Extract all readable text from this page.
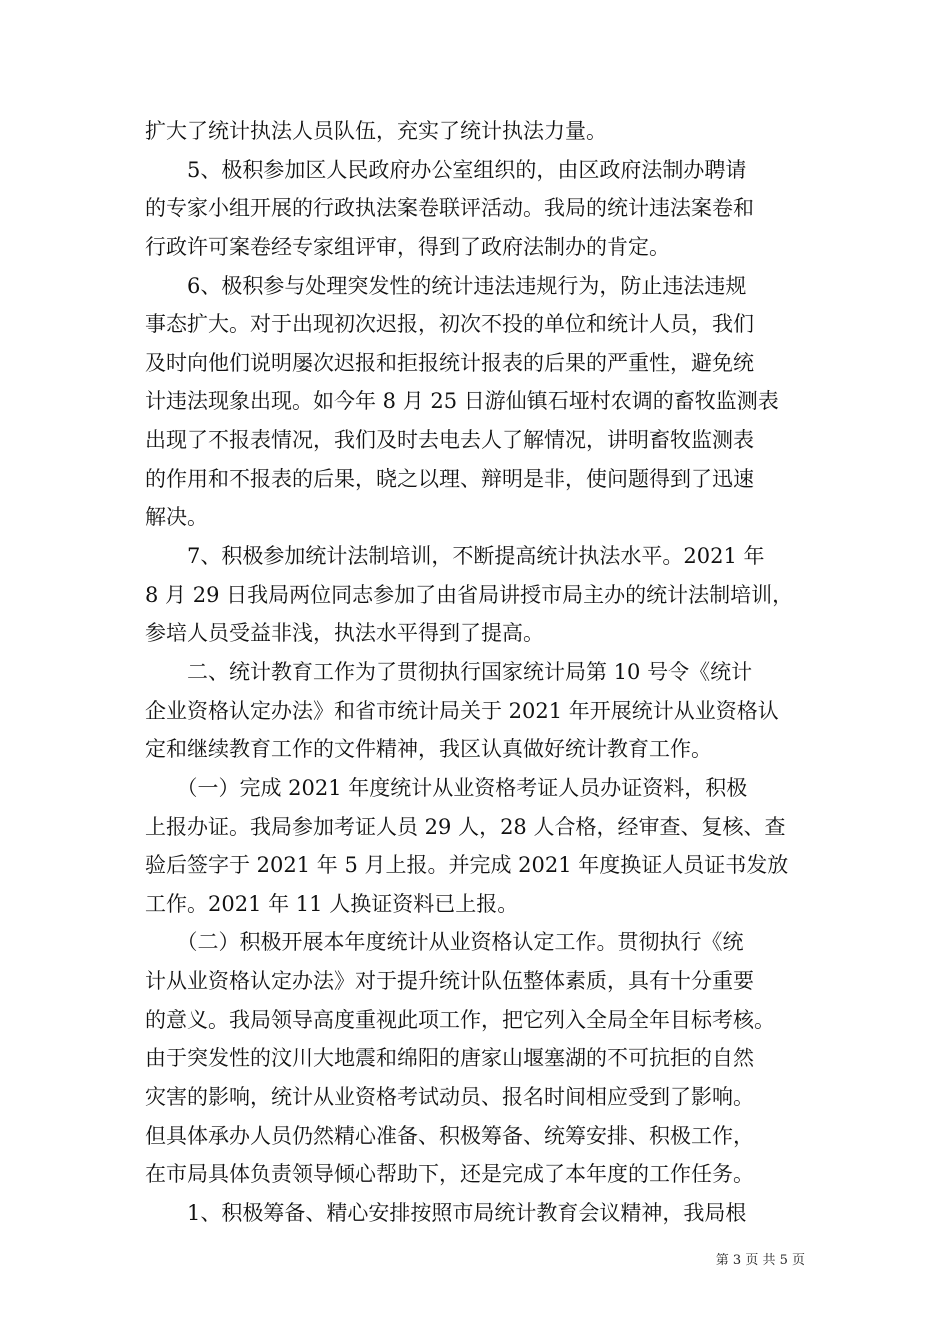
扩大了统计执法人员队伍，充实了统计执法力量。
　　5、极积参加区人民政府办公室组织的，由区政府法制办聘请
的专家小组开展的行政执法案卷联评活动。我局的统计违法案卷和
行政许可案卷经专家组评审，得到了政府法制办的肯定。
　　6、极积参与处理突发性的统计违法违规行为，防止违法违规
事态扩大。对于出现初次迟报，初次不投的单位和统计人员，我们
及时向他们说明屡次迟报和拒报统计报表的后果的严重性，避免统
计违法现象出现。如今年 8 月 25 日游仙镇石垭村农调的畜牧监测表
出现了不报表情况，我们及时去电去人了解情况，讲明畜牧监测表
的作用和不报表的后果，晓之以理、辩明是非，使问题得到了迅速
解决。
　　7、积极参加统计法制培训，不断提高统计执法水平。2021 年
8 月 29 日我局两位同志参加了由省局讲授市局主办的统计法制培训，
参培人员受益非浅，执法水平得到了提高。
　　二、统计教育工作为了贯彻执行国家统计局第 10 号令《统计
企业资格认定办法》和省市统计局关于 2021 年开展统计从业资格认
定和继续教育工作的文件精神，我区认真做好统计教育工作。
　　（一）完成 2021 年度统计从业资格考证人员办证资料，积极
上报办证。我局参加考证人员 29 人，28 人合格，经审查、复核、查
验后签字于 2021 年 5 月上报。并完成 2021 年度换证人员证书发放
工作。2021 年 11 人换证资料已上报。
　　（二）积极开展本年度统计从业资格认定工作。贯彻执行《统
计从业资格认定办法》对于提升统计队伍整体素质，具有十分重要
的意义。我局领导高度重视此项工作，把它列入全局全年目标考核。
由于突发性的汶川大地震和绵阳的唐家山堰塞湖的不可抗拒的自然
灾害的影响，统计从业资格考试动员、报名时间相应受到了影响。
但具体承办人员仍然精心准备、积极筹备、统筹安排、积极工作，
在市局具体负责领导倾心帮助下，还是完成了本年度的工作任务。
　　1、积极筹备、精心安排按照市局统计教育会议精神，我局根
第 3 页 共 5 页
